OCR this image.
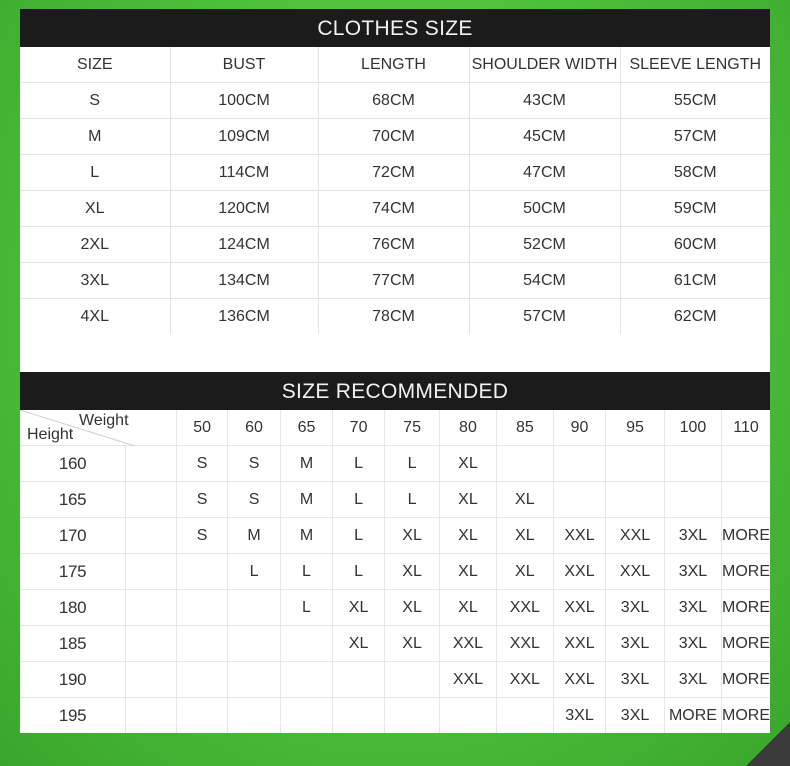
CLOTHES SIZE
SIZE	BUST	LENGTH	SHOULDER WIDTH	SLEEVE LENGTH
S	100CM	68CM	43CM	55CM
M	109CM	70CM	45CM	57CM
L	114CM	72CM	47CM	58CM
XL	120CM	74CM	50CM	59CM
2XL	124CM	76CM	52CM	60CM
3XL	134CM	77CM	54CM	61CM
4XL	136CM	78CM	57CM	62CM
SIZE RECOMMENDED
Weight
Height		50	60	65	70	75	80	85	90	95	100	110
160		S	S	M	L	L	XL					
165		S	S	M	L	L	XL	XL				
170		S	M	M	L	XL	XL	XL	XXL	XXL	3XL	MORE
175			L	L	L	XL	XL	XL	XXL	XXL	3XL	MORE
180				L	XL	XL	XL	XXL	XXL	3XL	3XL	MORE
185					XL	XL	XXL	XXL	XXL	3XL	3XL	MORE
190							XXL	XXL	XXL	3XL	3XL	MORE
195									3XL	3XL	MORE	MORE
